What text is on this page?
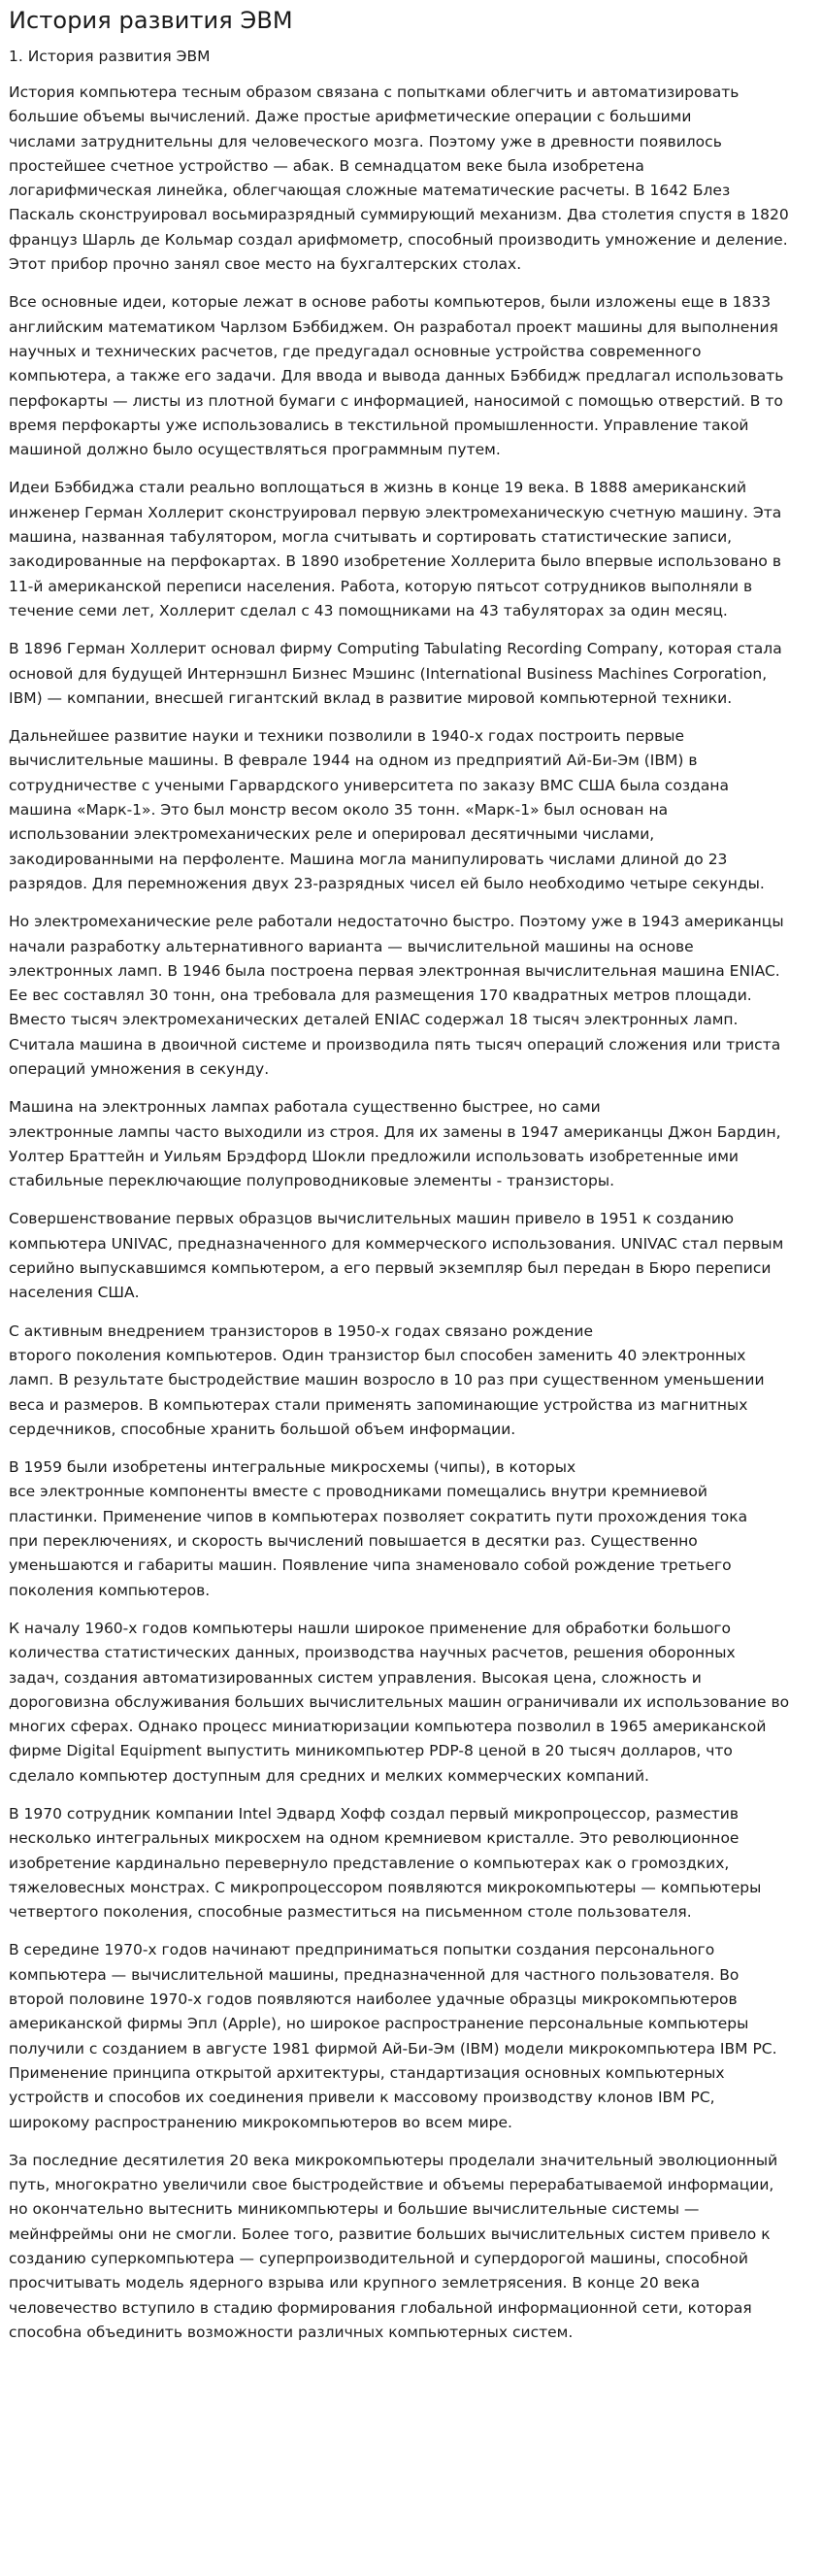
История развития ЭВМ
1. История развития ЭВМ

История компьютера тесным образом связана с попытками облегчить и автоматизировать
большие объемы вычислений. Даже простые арифметические операции с большими
числами затруднительны для человеческого мозга. Поэтому уже в древности появилось
простейшее счетное устройство — абак. В семнадцатом веке была изобретена
логарифмическая линейка, облегчающая сложные математические расчеты. В 1642 Блез
Паскаль сконструировал восьмиразрядный суммирующий механизм. Два столетия спустя в 1820
француз Шарль де Кольмар создал арифмометр, способный производить умножение и деление.
Этот прибор прочно занял свое место на бухгалтерских столах.

Все основные идеи, которые лежат в основе работы компьютеров, были изложены еще в 1833
английским математиком Чарлзом Бэббиджем. Он разработал проект машины для выполнения
научных и технических расчетов, где предугадал основные устройства современного
компьютера, а также его задачи. Для ввода и вывода данных Бэббидж предлагал использовать
перфокарты — листы из плотной бумаги с информацией, наносимой с помощью отверстий. В то
время перфокарты уже использовались в текстильной промышленности. Управление такой
машиной должно было осуществляться программным путем.

Идеи Бэббиджа стали реально воплощаться в жизнь в конце 19 века. В 1888 американский
инженер Герман Холлерит сконструировал первую электромеханическую счетную машину. Эта
машина, названная табулятором, могла считывать и сортировать статистические записи,
закодированные на перфокартах. В 1890 изобретение Холлерита было впервые использовано в
11-й американской переписи населения. Работа, которую пятьсот сотрудников выполняли в
течение семи лет, Холлерит сделал с 43 помощниками на 43 табуляторах за один месяц.

В 1896 Герман Холлерит основал фирму Computing Tabulating Recording Company, которая стала
основой для будущей Интернэшнл Бизнес Мэшинс (International Business Machines Corporation,
IBM) — компании, внесшей гигантский вклад в развитие мировой компьютерной техники.

Дальнейшее развитие науки и техники позволили в 1940-х годах построить первые
вычислительные машины. В феврале 1944 на одном из предприятий Ай-Би-Эм (IBM) в
сотрудничестве с учеными Гарвардского университета по заказу ВМС США была создана
машина «Марк-1». Это был монстр весом около 35 тонн. «Марк-1» был основан на
использовании электромеханических реле и оперировал десятичными числами,
закодированными на перфоленте. Машина могла манипулировать числами длиной до 23
разрядов. Для перемножения двух 23-разрядных чисел ей было необходимо четыре секунды.

Но электромеханические реле работали недостаточно быстро. Поэтому уже в 1943 американцы
начали разработку альтернативного варианта — вычислительной машины на основе
электронных ламп. В 1946 была построена первая электронная вычислительная машина ENIAC.
Ее вес составлял 30 тонн, она требовала для размещения 170 квадратных метров площади.
Вместо тысяч электромеханических деталей ENIAC содержал 18 тысяч электронных ламп.
Считала машина в двоичной системе и производила пять тысяч операций сложения или триста
операций умножения в секунду.

Машина на электронных лампах работала существенно быстрее, но сами
электронные лампы часто выходили из строя. Для их замены в 1947 американцы Джон Бардин,
Уолтер Браттейн и Уильям Брэдфорд Шокли предложили использовать изобретенные ими
стабильные переключающие полупроводниковые элементы - транзисторы.

Совершенствование первых образцов вычислительных машин привело в 1951 к созданию
компьютера UNIVAC, предназначенного для коммерческого использования. UNIVAC стал первым
серийно выпускавшимся компьютером, а его первый экземпляр был передан в Бюро переписи
населения США.

С активным внедрением транзисторов в 1950-х годах связано рождение
второго поколения компьютеров. Один транзистор был способен заменить 40 электронных
ламп. В результате быстродействие машин возросло в 10 раз при существенном уменьшении
веса и размеров. В компьютерах стали применять запоминающие устройства из магнитных
сердечников, способные хранить большой объем информации.

В 1959 были изобретены интегральные микросхемы (чипы), в которых
все электронные компоненты вместе с проводниками помещались внутри кремниевой
пластинки. Применение чипов в компьютерах позволяет сократить пути прохождения тока
при переключениях, и скорость вычислений повышается в десятки раз. Существенно
уменьшаются и габариты машин. Появление чипа знаменовало собой рождение третьего
поколения компьютеров.

К началу 1960-х годов компьютеры нашли широкое применение для обработки большого
количества статистических данных, производства научных расчетов, решения оборонных
задач, создания автоматизированных систем управления. Высокая цена, сложность и
дороговизна обслуживания больших вычислительных машин ограничивали их использование во
многих сферах. Однако процесс миниатюризации компьютера позволил в 1965 американской
фирме Digital Equipment выпустить миникомпьютер PDP-8 ценой в 20 тысяч долларов, что
сделало компьютер доступным для средних и мелких коммерческих компаний.

В 1970 сотрудник компании Intel Эдвард Хофф создал первый микропроцессор, разместив
несколько интегральных микросхем на одном кремниевом кристалле. Это революционное
изобретение кардинально перевернуло представление о компьютерах как о громоздких,
тяжеловесных монстрах. С микропроцессором появляются микрокомпьютеры — компьютеры
четвертого поколения, способные разместиться на письменном столе пользователя.

В середине 1970-х годов начинают предприниматься попытки создания персонального
компьютера — вычислительной машины, предназначенной для частного пользователя. Во
второй половине 1970-х годов появляются наиболее удачные образцы микрокомпьютеров
американской фирмы Эпл (Apple), но широкое распространение персональные компьютеры
получили с созданием в августе 1981 фирмой Ай-Би-Эм (IBM) модели микрокомпьютера IBM PC.
Применение принципа открытой архитектуры, стандартизация основных компьютерных
устройств и способов их соединения привели к массовому производству клонов IBM PC,
широкому распространению микрокомпьютеров во всем мире.

За последние десятилетия 20 века микрокомпьютеры проделали значительный эволюционный
путь, многократно увеличили свое быстродействие и объемы перерабатываемой информации,
но окончательно вытеснить миникомпьютеры и большие вычислительные системы —
мейнфреймы они не смогли. Более того, развитие больших вычислительных систем привело к
созданию суперкомпьютера — суперпроизводительной и супердорогой машины, способной
просчитывать модель ядерного взрыва или крупного землетрясения. В конце 20 века
человечество вступило в стадию формирования глобальной информационной сети, которая
способна объединить возможности различных компьютерных систем.
